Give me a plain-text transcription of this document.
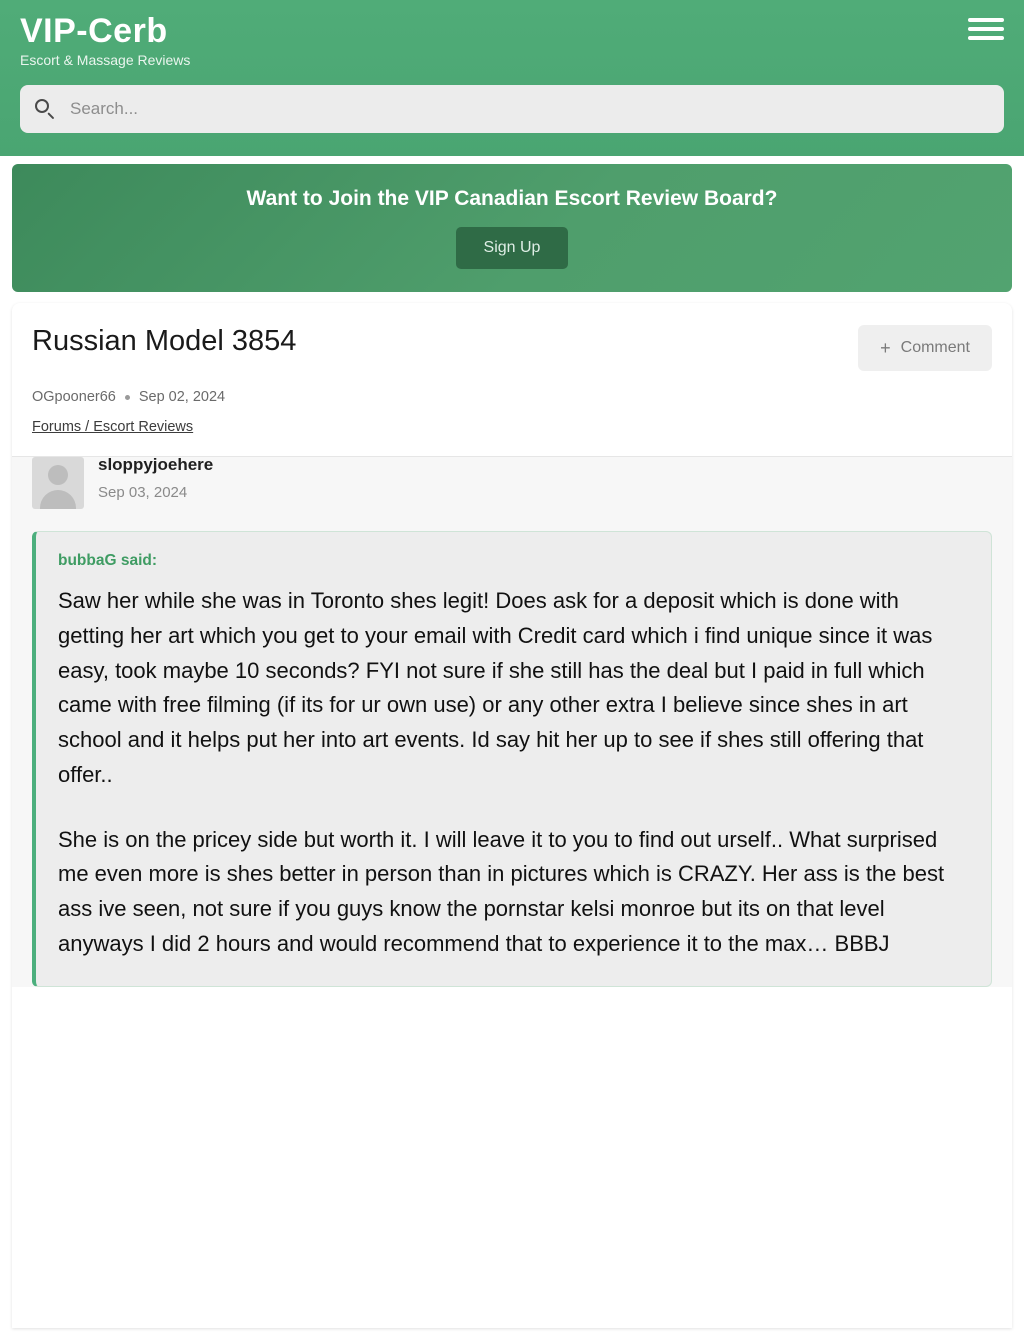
VIP-Cerb
Escort & Massage Reviews
Search...
Want to Join the VIP Canadian Escort Review Board?
Sign Up
Russian Model 3854	+ Comment
OGpooner66 Sep 02, 2024
Forums / Escort Reviews
sloppyjoehere
Sep 03, 2024
bubbaG said:

Saw her while she was in Toronto shes legit! Does ask for a deposit which is done with getting her art which you get to your email with Credit card which i find unique since it was easy, took maybe 10 seconds? FYI not sure if she still has the deal but I paid in full which came with free filming (if its for ur own use) or any other extra I believe since shes in art school and it helps put her into art events. Id say hit her up to see if shes still offering that offer..

She is on the pricey side but worth it. I will leave it to you to find out urself.. What surprised me even more is shes better in person than in pictures which is CRAZY. Her ass is the best ass ive seen, not sure if you guys know the pornstar kelsi monroe but its on that level anyways I did 2 hours and would recommend that to experience it to the max… BBBJ
